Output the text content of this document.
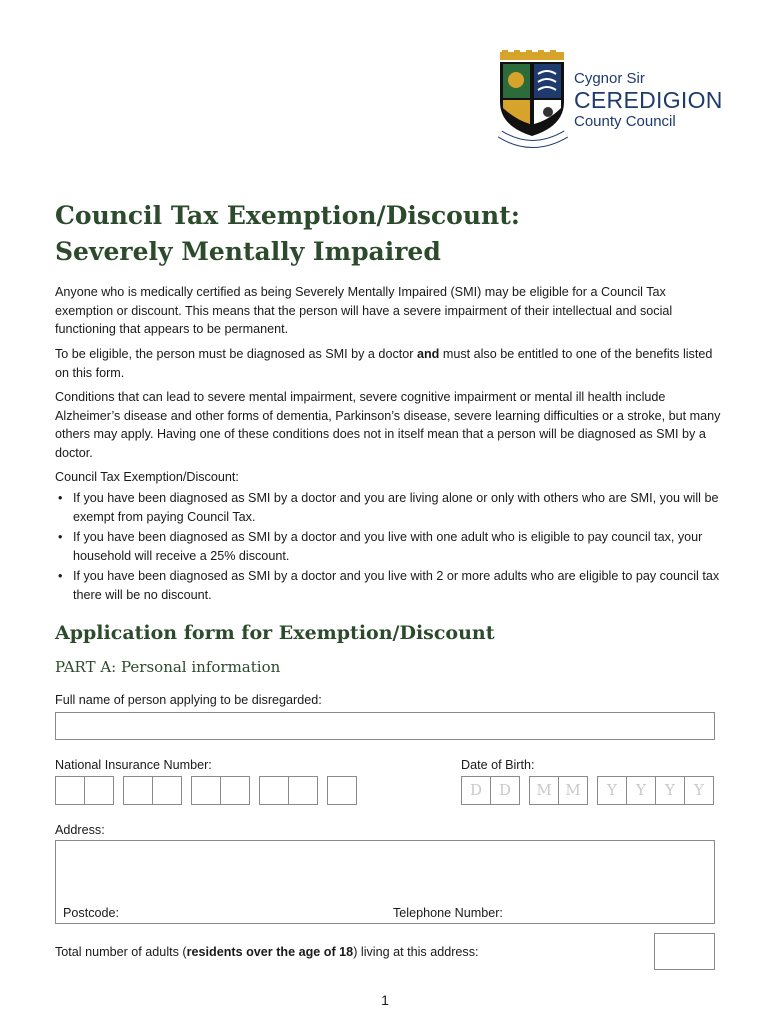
Cygnor Sir
CEREDIGION
County Council
Council Tax Exemption/Discount:
Severely Mentally Impaired

Anyone who is medically certified as being Severely Mentally Impaired (SMI) may be eligible for a Council Tax exemption or discount. This means that the person will have a severe impairment of their intellectual and social functioning that appears to be permanent.

To be eligible, the person must be diagnosed as SMI by a doctor and must also be entitled to one of the benefits listed on this form.

Conditions that can lead to severe mental impairment, severe cognitive impairment or mental ill health include Alzheimer’s disease and other forms of dementia, Parkinson’s disease, severe learning difficulties or a stroke, but many others may apply. Having one of these conditions does not in itself mean that a person will be diagnosed as SMI by a doctor.

Council Tax Exemption/Discount:

• If you have been diagnosed as SMI by a doctor and you are living alone or only with others who are SMI, you will be exempt from paying Council Tax.
• If you have been diagnosed as SMI by a doctor and you live with one adult who is eligible to pay council tax, your household will receive a 25% discount.
• If you have been diagnosed as SMI by a doctor and you live with 2 or more adults who are eligible to pay council tax there will be no discount.
Application form for Exemption/Discount
PART A: Personal information
Full name of person applying to be disregarded:
National Insurance Number:	Date of Birth:
D	D	M M	Y	Y	Y	Y
Address:
Postcode:	Telephone Number:
Total number of adults (residents over the age of 18) living at this address:
1
